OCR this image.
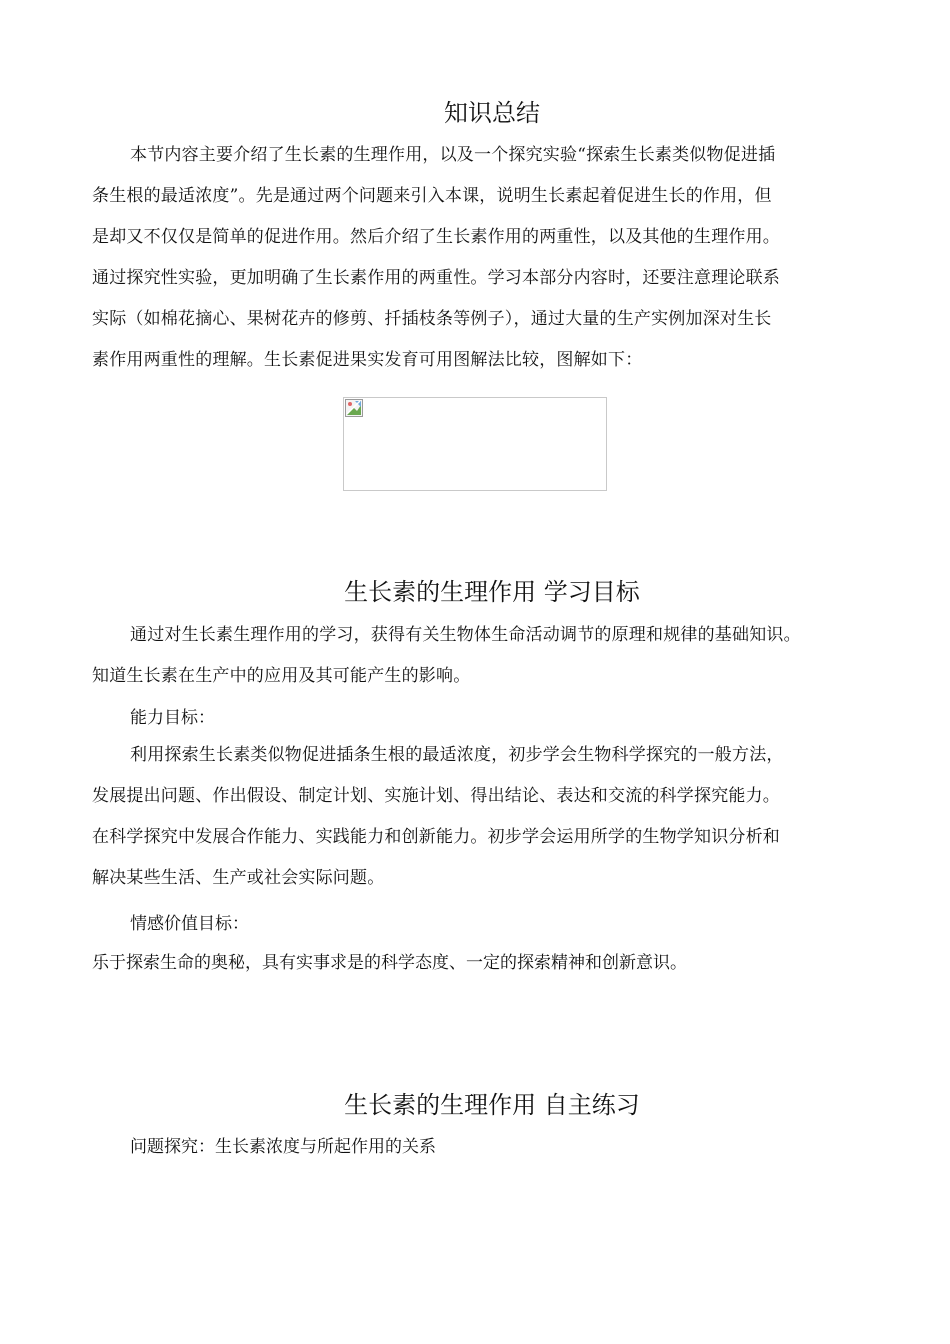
知识总结
本节内容主要介绍了生长素的生理作用，以及一个探究实验“探索生长素类似物促进插
条生根的最适浓度”。先是通过两个问题来引入本课，说明生长素起着促进生长的作用，但
是却又不仅仅是简单的促进作用。然后介绍了生长素作用的两重性，以及其他的生理作用。
通过探究性实验，更加明确了生长素作用的两重性。学习本部分内容时，还要注意理论联系
实际（如棉花摘心、果树花卉的修剪、扦插枝条等例子），通过大量的生产实例加深对生长
素作用两重性的理解。生长素促进果实发育可用图解法比较，图解如下：
生长素的生理作用 学习目标
通过对生长素生理作用的学习，获得有关生物体生命活动调节的原理和规律的基础知识。
知道生长素在生产中的应用及其可能产生的影响。
能力目标：
利用探索生长素类似物促进插条生根的最适浓度，初步学会生物科学探究的一般方法，
发展提出问题、作出假设、制定计划、实施计划、得出结论、表达和交流的科学探究能力。
在科学探究中发展合作能力、实践能力和创新能力。初步学会运用所学的生物学知识分析和
解决某些生活、生产或社会实际问题。
情感价值目标：
乐于探索生命的奥秘，具有实事求是的科学态度、一定的探索精神和创新意识。
生长素的生理作用 自主练习
问题探究：生长素浓度与所起作用的关系
